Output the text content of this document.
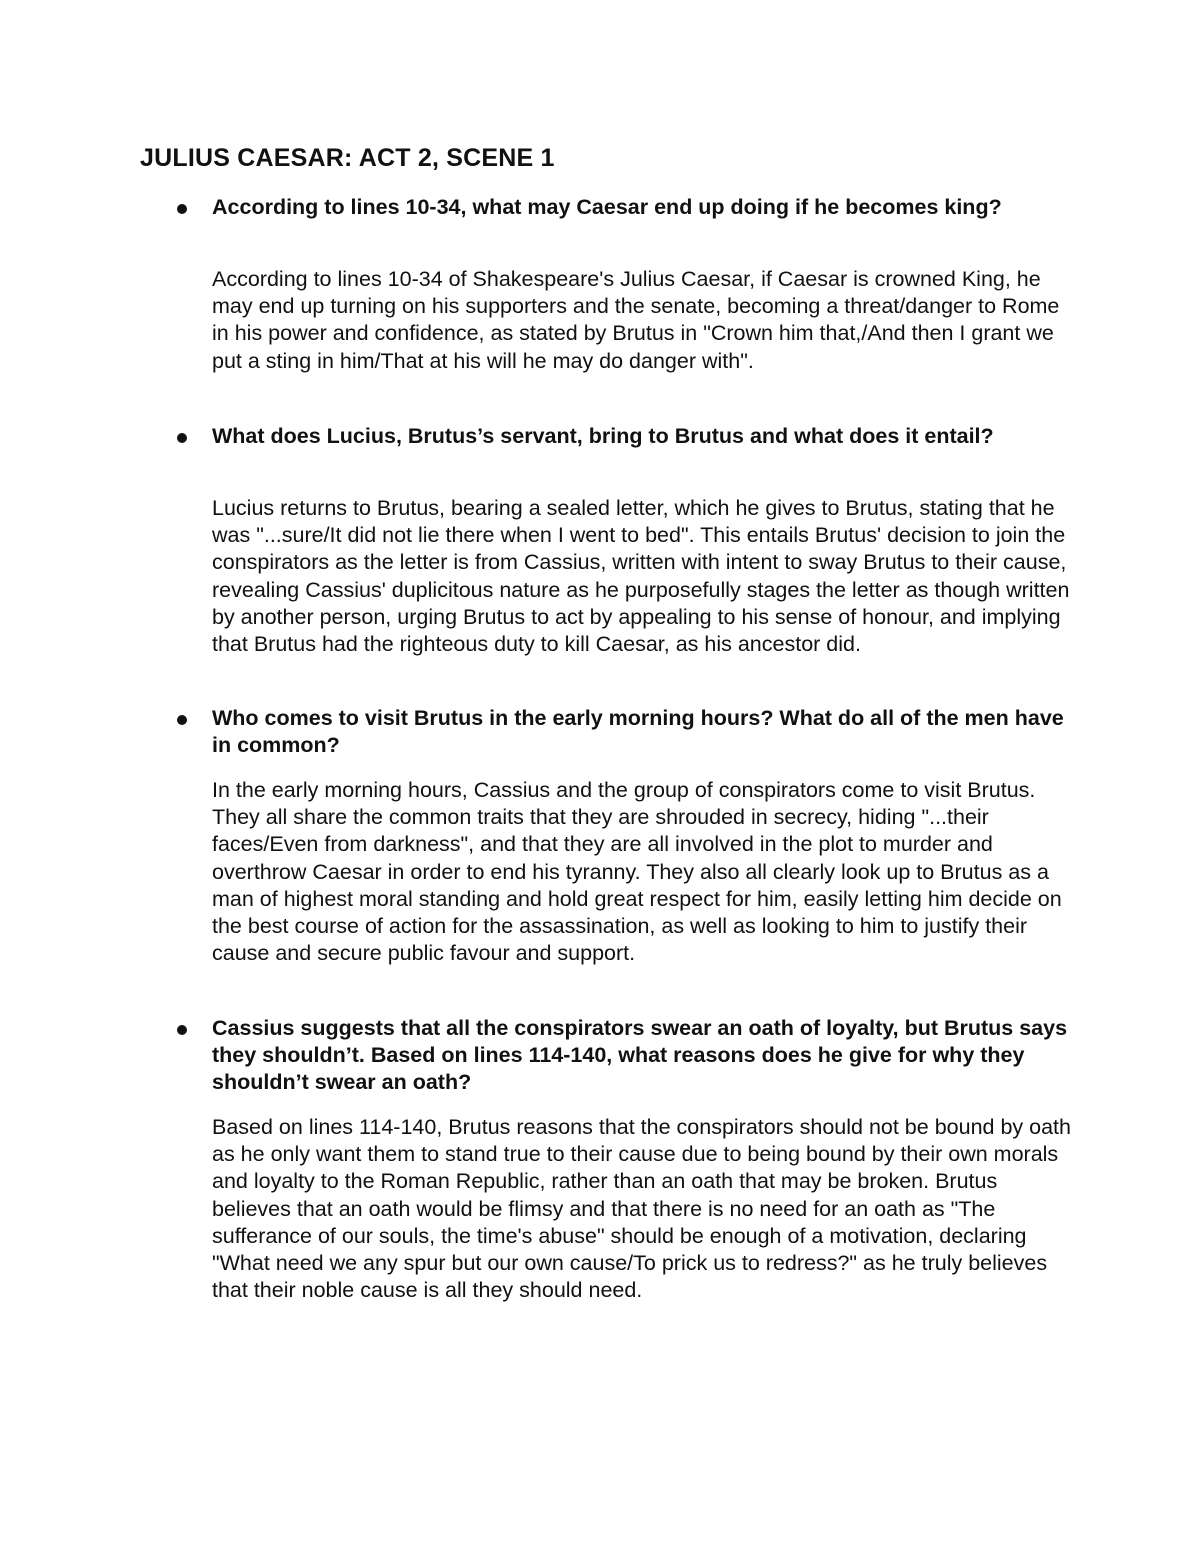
JULIUS CAESAR: ACT 2, SCENE 1

According to lines 10-34, what may Caesar end up doing if he becomes king?

According to lines 10-34 of Shakespeare's Julius Caesar, if Caesar is crowned King, he may end up turning on his supporters and the senate, becoming a threat/danger to Rome in his power and confidence, as stated by Brutus in "Crown him that,/And then I grant we put a sting in him/That at his will he may do danger with".

What does Lucius, Brutus’s servant, bring to Brutus and what does it entail?

Lucius returns to Brutus, bearing a sealed letter, which he gives to Brutus, stating that he was "...sure/It did not lie there when I went to bed". This entails Brutus' decision to join the conspirators as the letter is from Cassius, written with intent to sway Brutus to their cause, revealing Cassius' duplicitous nature as he purposefully stages the letter as though written by another person, urging Brutus to act by appealing to his sense of honour, and implying that Brutus had the righteous duty to kill Caesar, as his ancestor did.

Who comes to visit Brutus in the early morning hours? What do all of the men have in common?

In the early morning hours, Cassius and the group of conspirators come to visit Brutus. They all share the common traits that they are shrouded in secrecy, hiding "...their faces/Even from darkness", and that they are all involved in the plot to murder and overthrow Caesar in order to end his tyranny. They also all clearly look up to Brutus as a man of highest moral standing and hold great respect for him, easily letting him decide on the best course of action for the assassination, as well as looking to him to justify their cause and secure public favour and support.

Cassius suggests that all the conspirators swear an oath of loyalty, but Brutus says they shouldn’t. Based on lines 114-140, what reasons does he give for why they shouldn’t swear an oath?

Based on lines 114-140, Brutus reasons that the conspirators should not be bound by oath as he only want them to stand true to their cause due to being bound by their own morals and loyalty to the Roman Republic, rather than an oath that may be broken. Brutus believes that an oath would be flimsy and that there is no need for an oath as "The sufferance of our souls, the time's abuse" should be enough of a motivation, declaring "What need we any spur but our own cause/To prick us to redress?" as he truly believes that their noble cause is all they should need.
